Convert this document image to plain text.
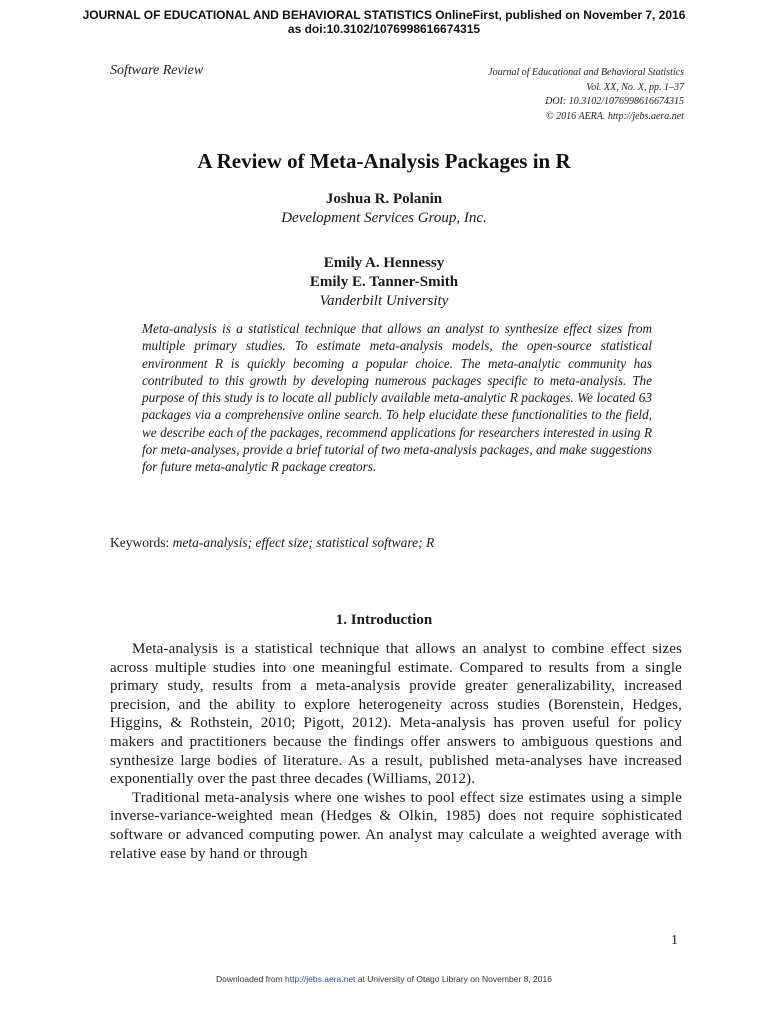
JOURNAL OF EDUCATIONAL AND BEHAVIORAL STATISTICS OnlineFirst, published on November 7, 2016
as doi:10.3102/1076998616674315
Software Review	Journal of Educational and Behavioral Statistics
Vol. XX, No. X, pp. 1–37
DOI: 10.3102/1076998616674315
© 2016 AERA. http://jebs.aera.net
A Review of Meta-Analysis Packages in R
Joshua R. Polanin
Development Services Group, Inc.
Emily A. Hennessy
Emily E. Tanner-Smith
Vanderbilt University

Meta-analysis is a statistical technique that allows an analyst to synthesize effect sizes from multiple primary studies. To estimate meta-analysis models, the open-source statistical environment R is quickly becoming a popular choice. The meta-analytic community has contributed to this growth by developing numerous packages specific to meta-analysis. The purpose of this study is to locate all publicly available meta-analytic R packages. We located 63 packages via a comprehensive online search. To help elucidate these functionalities to the field, we describe each of the packages, recommend applications for researchers interested in using R for meta-analyses, provide a brief tutorial of two meta-analysis packages, and make suggestions for future meta-analytic R package creators.

Keywords: meta-analysis; effect size; statistical software; R
1. Introduction

Meta-analysis is a statistical technique that allows an analyst to combine effect sizes across multiple studies into one meaningful estimate. Compared to results from a single primary study, results from a meta-analysis provide greater generalizability, increased precision, and the ability to explore heterogeneity across studies (Borenstein, Hedges, Higgins, & Rothstein, 2010; Pigott, 2012). Meta-analysis has proven useful for policy makers and practitioners because the findings offer answers to ambiguous questions and synthesize large bodies of literature. As a result, published meta-analyses have increased exponentially over the past three decades (Williams, 2012).

Traditional meta-analysis where one wishes to pool effect size estimates using a simple inverse-variance-weighted mean (Hedges & Olkin, 1985) does not require sophisticated software or advanced computing power. An analyst may calculate a weighted average with relative ease by hand or through

1
Downloaded from http://jebs.aera.net at University of Otago Library on November 8, 2016
